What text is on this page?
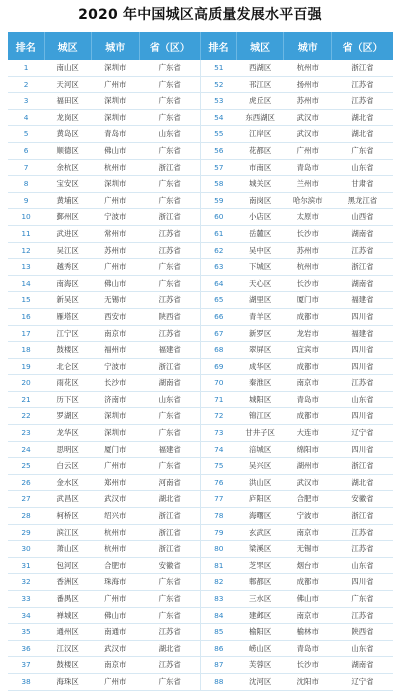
2020 年中国城区高质量发展水平百强
排名	城区	城市	省（区）	排名	城区	城市	省（区）
1	南山区	深圳市	广东省	51	西湖区	杭州市	浙江省
2	天河区	广州市	广东省	52	邗江区	扬州市	江苏省
3	福田区	深圳市	广东省	53	虎丘区	苏州市	江苏省
4	龙岗区	深圳市	广东省	54	东西湖区	武汉市	湖北省
5	黄岛区	青岛市	山东省	55	江岸区	武汉市	湖北省
6	顺德区	佛山市	广东省	56	花都区	广州市	广东省
7	余杭区	杭州市	浙江省	57	市南区	青岛市	山东省
8	宝安区	深圳市	广东省	58	城关区	兰州市	甘肃省
9	黄埔区	广州市	广东省	59	南岗区	哈尔滨市	黑龙江省
10	鄞州区	宁波市	浙江省	60	小店区	太原市	山西省
11	武进区	常州市	江苏省	61	岳麓区	长沙市	湖南省
12	吴江区	苏州市	江苏省	62	吴中区	苏州市	江苏省
13	越秀区	广州市	广东省	63	下城区	杭州市	浙江省
14	南海区	佛山市	广东省	64	天心区	长沙市	湖南省
15	新吴区	无锡市	江苏省	65	湖里区	厦门市	福建省
16	雁塔区	西安市	陕西省	66	青羊区	成都市	四川省
17	江宁区	南京市	江苏省	67	新罗区	龙岩市	福建省
18	鼓楼区	福州市	福建省	68	翠屏区	宜宾市	四川省
19	北仑区	宁波市	浙江省	69	成华区	成都市	四川省
20	雨花区	长沙市	湖南省	70	秦淮区	南京市	江苏省
21	历下区	济南市	山东省	71	城阳区	青岛市	山东省
22	罗湖区	深圳市	广东省	72	锦江区	成都市	四川省
23	龙华区	深圳市	广东省	73	甘井子区	大连市	辽宁省
24	思明区	厦门市	福建省	74	涪城区	绵阳市	四川省
25	白云区	广州市	广东省	75	吴兴区	湖州市	浙江省
26	金水区	郑州市	河南省	76	洪山区	武汉市	湖北省
27	武昌区	武汉市	湖北省	77	庐阳区	合肥市	安徽省
28	柯桥区	绍兴市	浙江省	78	海曙区	宁波市	浙江省
29	滨江区	杭州市	浙江省	79	玄武区	南京市	江苏省
30	萧山区	杭州市	浙江省	80	梁溪区	无锡市	江苏省
31	包河区	合肥市	安徽省	81	芝罘区	烟台市	山东省
32	香洲区	珠海市	广东省	82	郫都区	成都市	四川省
33	番禺区	广州市	广东省	83	三水区	佛山市	广东省
34	禅城区	佛山市	广东省	84	建邺区	南京市	江苏省
35	通州区	南通市	江苏省	85	榆阳区	榆林市	陕西省
36	江汉区	武汉市	湖北省	86	崂山区	青岛市	山东省
37	鼓楼区	南京市	江苏省	87	芙蓉区	长沙市	湖南省
38	海珠区	广州市	广东省	88	沈河区	沈阳市	辽宁省
